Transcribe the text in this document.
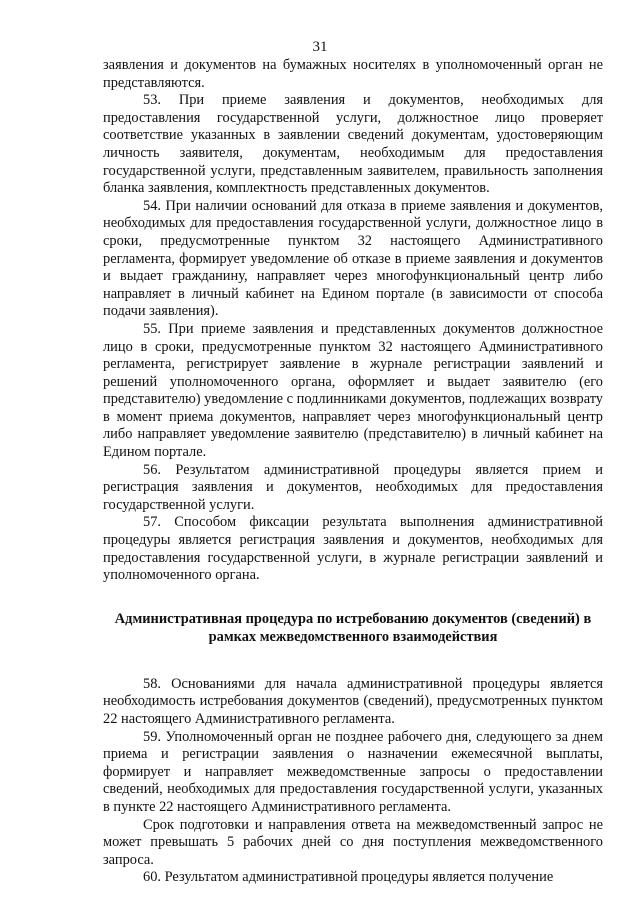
31

заявления и документов на бумажных носителях в уполномоченный орган не представляются.

53. При приеме заявления и документов, необходимых для предоставления государственной услуги, должностное лицо проверяет соответствие указанных в заявлении сведений документам, удостоверяющим личность заявителя, документам, необходимым для предоставления государственной услуги, представленным заявителем, правильность заполнения бланка заявления, комплектность представленных документов.

54. При наличии оснований для отказа в приеме заявления и документов, необходимых для предоставления государственной услуги, должностное лицо в сроки, предусмотренные пунктом 32 настоящего Административного регламента, формирует уведомление об отказе в приеме заявления и документов и выдает гражданину, направляет через многофункциональный центр либо направляет в личный кабинет на Едином портале (в зависимости от способа подачи заявления).

55. При приеме заявления и представленных документов должностное лицо в сроки, предусмотренные пунктом 32 настоящего Административного регламента, регистрирует заявление в журнале регистрации заявлений и решений уполномоченного органа, оформляет и выдает заявителю (его представителю) уведомление с подлинниками документов, подлежащих возврату в момент приема документов, направляет через многофункциональный центр либо направляет уведомление заявителю (представителю) в личный кабинет на Едином портале.

56. Результатом административной процедуры является прием и регистрация заявления и документов, необходимых для предоставления государственной услуги.

57. Способом фиксации результата выполнения административной процедуры является регистрация заявления и документов, необходимых для предоставления государственной услуги, в журнале регистрации заявлений и уполномоченного органа.

Административная процедура по истребованию документов (сведений) в рамках межведомственного взаимодействия

58. Основаниями для начала административной процедуры является необходимость истребования документов (сведений), предусмотренных пунктом 22 настоящего Административного регламента.

59. Уполномоченный орган не позднее рабочего дня, следующего за днем приема и регистрации заявления о назначении ежемесячной выплаты, формирует и направляет межведомственные запросы о предоставлении сведений, необходимых для предоставления государственной услуги, указанных в пункте 22 настоящего Административного регламента.

Срок подготовки и направления ответа на межведомственный запрос не может превышать 5 рабочих дней со дня поступления межведомственного запроса.

60. Результатом административной процедуры является получение
